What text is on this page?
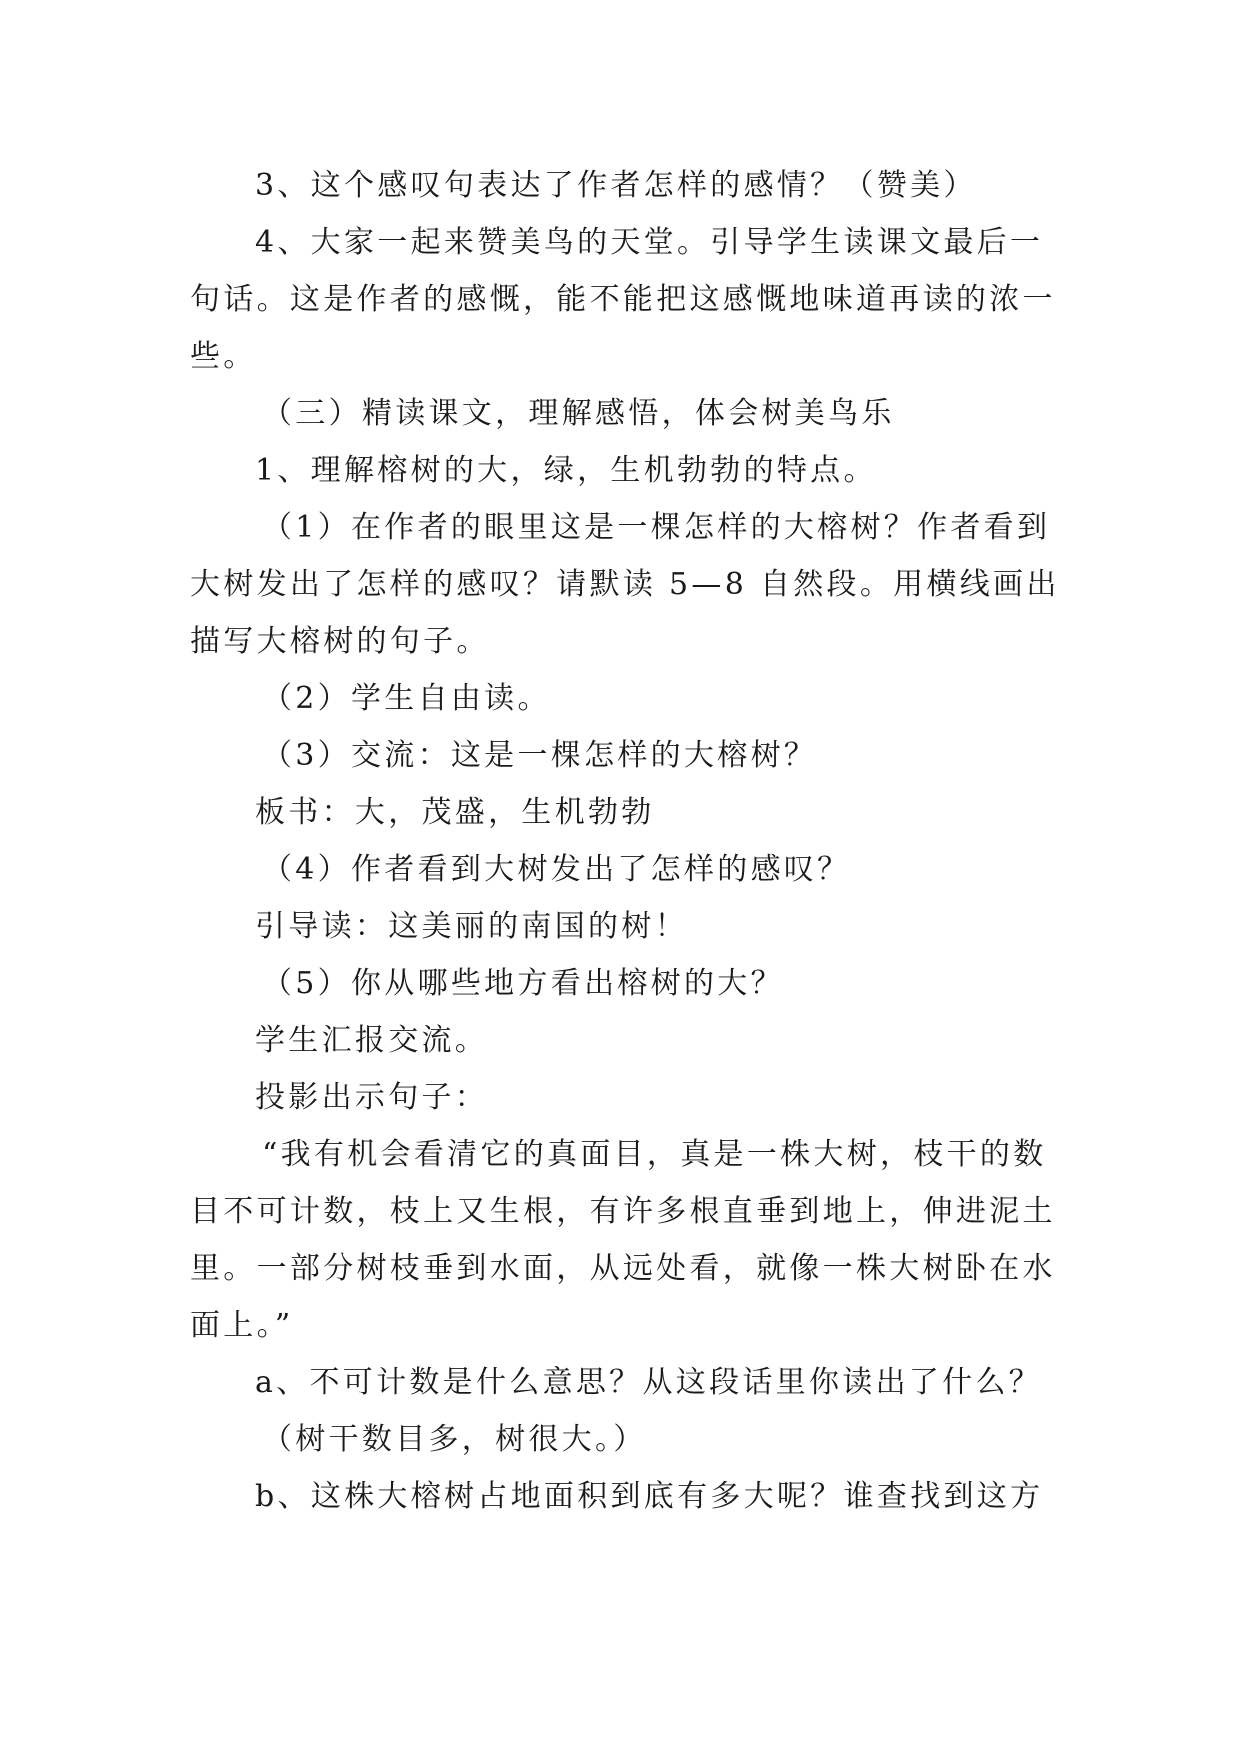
3、这个感叹句表达了作者怎样的感情？（赞美）
4、大家一起来赞美鸟的天堂。引导学生读课文最后一
句话。这是作者的感慨，能不能把这感慨地味道再读的浓一
些。
（三）精读课文，理解感悟，体会树美鸟乐
1、理解榕树的大，绿，生机勃勃的特点。
（1）在作者的眼里这是一棵怎样的大榕树？作者看到
大树发出了怎样的感叹？请默读 5—8 自然段。用横线画出
描写大榕树的句子。
（2）学生自由读。
（3）交流：这是一棵怎样的大榕树？
板书：大，茂盛，生机勃勃
（4）作者看到大树发出了怎样的感叹？
引导读：这美丽的南国的树！
（5）你从哪些地方看出榕树的大？
学生汇报交流。
投影出示句子：
“我有机会看清它的真面目，真是一株大树，枝干的数
目不可计数，枝上又生根，有许多根直垂到地上，伸进泥土
里。一部分树枝垂到水面，从远处看，就像一株大树卧在水
面上。”
a、不可计数是什么意思？从这段话里你读出了什么？
（树干数目多，树很大。）
b、这株大榕树占地面积到底有多大呢？谁查找到这方
